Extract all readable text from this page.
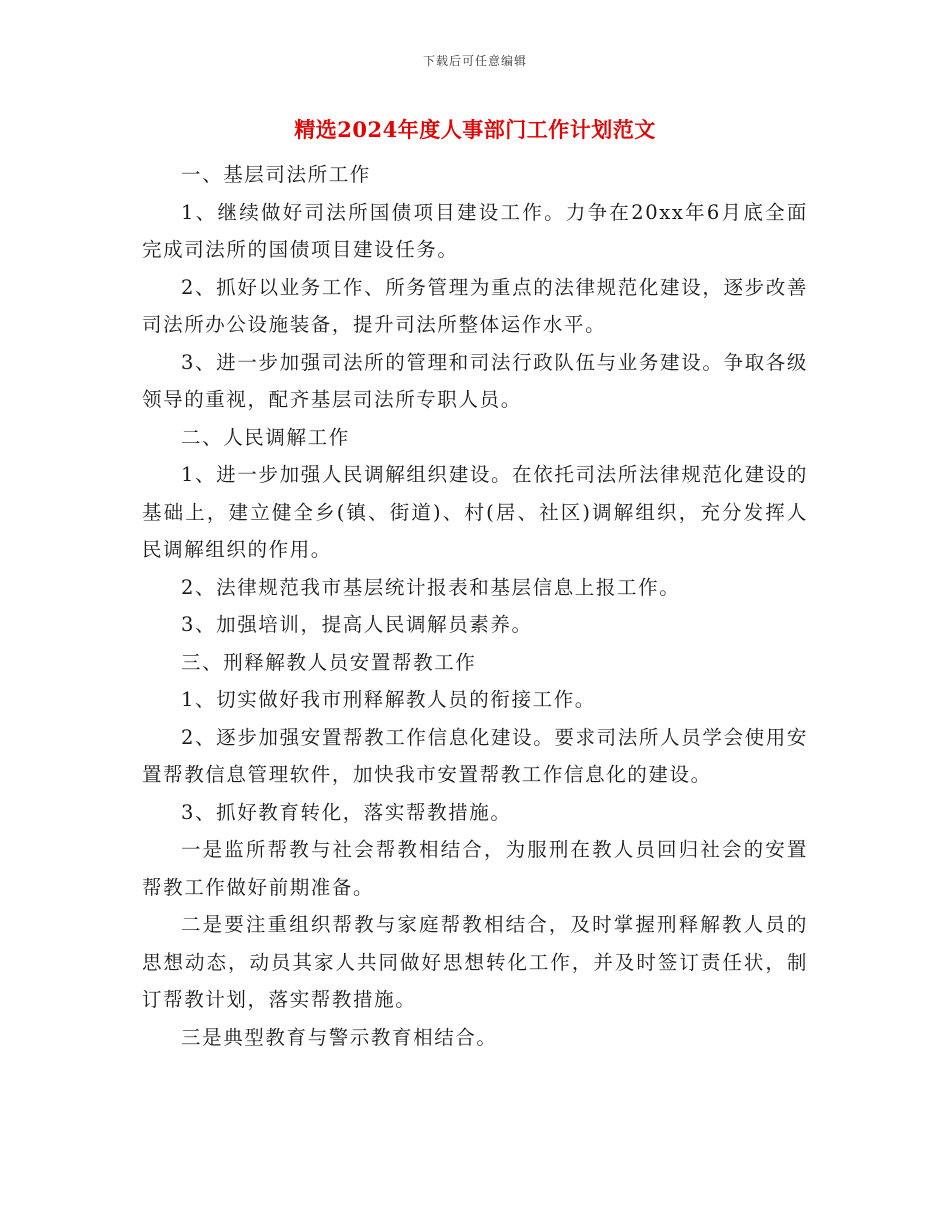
下载后可任意编辑
精选2024年度人事部门工作计划范文

一、基层司法所工作

1、继续做好司法所国债项目建设工作。力争在20xx年6月底全面完成司法所的国债项目建设任务。

2、抓好以业务工作、所务管理为重点的法律规范化建设，逐步改善司法所办公设施装备，提升司法所整体运作水平。

3、进一步加强司法所的管理和司法行政队伍与业务建设。争取各级领导的重视，配齐基层司法所专职人员。

二、人民调解工作

1、进一步加强人民调解组织建设。在依托司法所法律规范化建设的基础上，建立健全乡(镇、街道)、村(居、社区)调解组织，充分发挥人民调解组织的作用。

2、法律规范我市基层统计报表和基层信息上报工作。

3、加强培训，提高人民调解员素养。

三、刑释解教人员安置帮教工作

1、切实做好我市刑释解教人员的衔接工作。

2、逐步加强安置帮教工作信息化建设。要求司法所人员学会使用安置帮教信息管理软件，加快我市安置帮教工作信息化的建设。

3、抓好教育转化，落实帮教措施。

一是监所帮教与社会帮教相结合，为服刑在教人员回归社会的安置帮教工作做好前期准备。

二是要注重组织帮教与家庭帮教相结合，及时掌握刑释解教人员的思想动态，动员其家人共同做好思想转化工作，并及时签订责任状，制订帮教计划，落实帮教措施。

三是典型教育与警示教育相结合。
